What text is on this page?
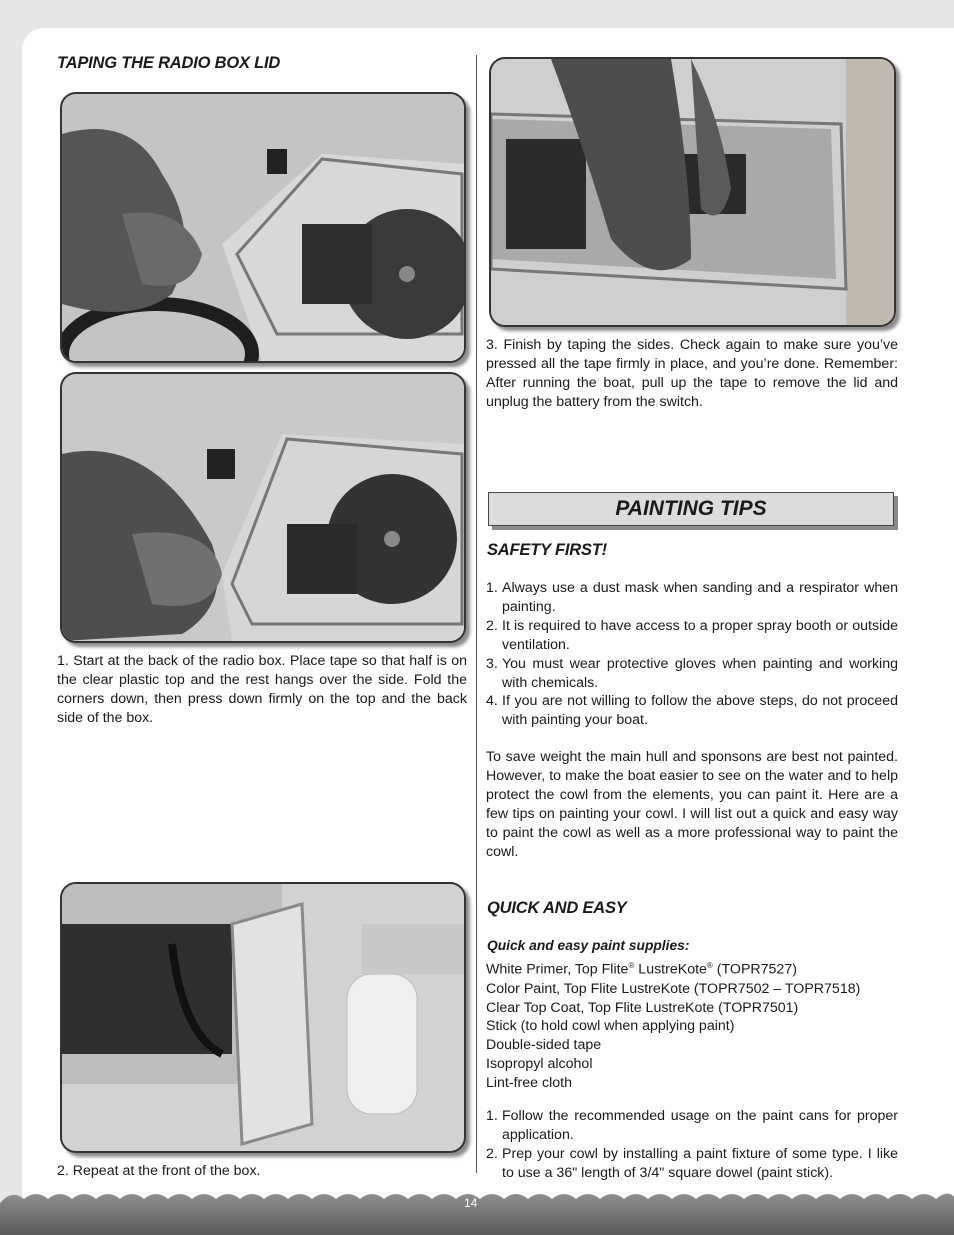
TAPING THE RADIO BOX LID
1. Start at the back of the radio box. Place tape so that half is on the clear plastic top and the rest hangs over the side. Fold the corners down, then press down firmly on the top and the back side of the box.
2. Repeat at the front of the box.
3. Finish by taping the sides. Check again to make sure you’ve pressed all the tape firmly in place, and you’re done. Remember: After running the boat, pull up the tape to remove the lid and unplug the battery from the switch.
PAINTING TIPS
SAFETY FIRST!
1. Always use a dust mask when sanding and a respirator when painting.
2. It is required to have access to a proper spray booth or outside ventilation.
3. You must wear protective gloves when painting and working with chemicals.
4. If you are not willing to follow the above steps, do not proceed with painting your boat.
To save weight the main hull and sponsons are best not painted. However, to make the boat easier to see on the water and to help protect the cowl from the elements, you can paint it. Here are a few tips on painting your cowl. I will list out a quick and easy way to paint the cowl as well as a more professional way to paint the cowl.
QUICK AND EASY
Quick and easy paint supplies:
White Primer, Top Flite® LustreKote® (TOPR7527)
Color Paint, Top Flite LustreKote (TOPR7502 – TOPR7518)
Clear Top Coat, Top Flite LustreKote (TOPR7501)
Stick (to hold cowl when applying paint)
Double-sided tape
Isopropyl alcohol
Lint-free cloth
1. Follow the recommended usage on the paint cans for proper application.
2. Prep your cowl by installing a paint fixture of some type. I like to use a 36" length of 3/4" square dowel (paint stick).
14
